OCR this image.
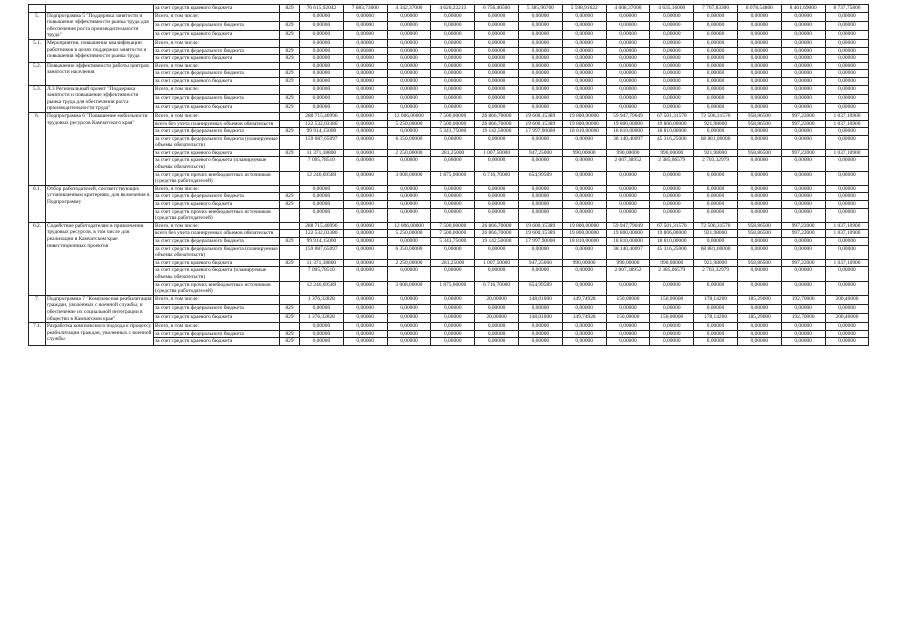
		за счет средств краевого бюджета	829	76 615,92042	7 683,73000	4 342,37000	4 626,22213	6 756,40500	5 385,96700	5 598,91622	4 608,37000	4 635,16000	7 767,83300	8 078,54800	8 401,69000	8 737,75800
5.	Подпрограмма 5 "Поддержка занятости и повышение эффективности рынка труда для обеспечения роста производительности труда"	Всего, в том числе:		0,00000	0,00000	0,00000	0,00000	0,00000	0,00000	0,00000	0,00000	0,00000	0,00000	0,00000	0,00000	0,00000
		за счет средств федерального бюджета	829	0,00000	0,00000	0,00000	0,00000	0,00000	0,00000	0,00000	0,00000	0,00000	0,00000	0,00000	0,00000	0,00000
		за счет средств краевого бюджета	829	0,00000	0,00000	0,00000	0,00000	0,00000	0,00000	0,00000	0,00000	0,00000	0,00000	0,00000	0,00000	0,00000
5.1.	Мероприятия, повышение квалификации работников в целях поддержки занятости и повышения эффективности рынка труда	Всего, в том числе:		0,00000	0,00000	0,00000	0,00000	0,00000	0,00000	0,00000	0,00000	0,00000	0,00000	0,00000	0,00000	0,00000
		за счет средств федерального бюджета	829	0,00000	0,00000	0,00000	0,00000	0,00000	0,00000	0,00000	0,00000	0,00000	0,00000	0,00000	0,00000	0,00000
		за счет средств краевого бюджета	829	0,00000	0,00000	0,00000	0,00000	0,00000	0,00000	0,00000	0,00000	0,00000	0,00000	0,00000	0,00000	0,00000
5.2.	Повышение эффективности работы центров занятости населения	Всего, в том числе:		0,00000	0,00000	0,00000	0,00000	0,00000	0,00000	0,00000	0,00000	0,00000	0,00000	0,00000	0,00000	0,00000
		за счет средств федерального бюджета	829	0,00000	0,00000	0,00000	0,00000	0,00000	0,00000	0,00000	0,00000	0,00000	0,00000	0,00000	0,00000	0,00000
		за счет средств краевого бюджета	829	0,00000	0,00000	0,00000	0,00000	0,00000	0,00000	0,00000	0,00000	0,00000	0,00000	0,00000	0,00000	0,00000
5.3.	Л.3 Региональный проект "Поддержка занятости и повышение эффективности рынка труда для обеспечения роста производительности труда"	Всего, в том числе:		0,00000	0,00000	0,00000	0,00000	0,00000	0,00000	0,00000	0,00000	0,00000	0,00000	0,00000	0,00000	0,00000
		за счет средств федерального бюджета	829	0,00000	0,00000	0,00000	0,00000	0,00000	0,00000	0,00000	0,00000	0,00000	0,00000	0,00000	0,00000	0,00000
		за счет средств краевого бюджета	829	0,00000	0,00000	0,00000	0,00000	0,00000	0,00000	0,00000	0,00000	0,00000	0,00000	0,00000	0,00000	0,00000
6.	Подпрограмма 6 "Повышение мобильности трудовых ресурсов Камчатского края"	Всего, в том числе:		288 715,46996	0,00000	12 006,00000	7 500,00000	26 866,70000	19 600,15389	19 800,00000	59 947,79049	67 501,31570	72 506,31570	958,86500	997,22000	1 037,10900
		всего без учета планируемых объемов обязательств		122 532,03380	0,00000	5 250,00000	7 500,00000	26 866,70000	19 600,15389	19 800,00000	19 800,00000	19 806,00000	921,98000	958,86500	997,22000	1 037,10900
		за счет средств федерального бюджета	829	99 914,15000	0,00000	0,00000	5 343,75000	19 142,50000	17 997,90000	18 810,00000	18 810,00000	18 810,00000	0,00000	0,00000	0,00000	0,00000
		за счет средств федерального бюджета (планируемые объемы обязательств)		159 087,65097	0,00000	6 350,00000	0,00000	0,00000	0,00000	0,00000	38 140,40097	45 316,25000	68 881,00000	0,00000	0,00000	0,00000
		за счет средств краевого бюджета	829	11 371,38800	0,00000	2 250,00000	281,25000	1 007,50000	947,25000	990,00000	990,00000	990,00000	921,98000	958,86500	997,22000	1 037,10900
		за счет средств краевого бюджета (планируемые объемы обязательств)		7 095,78510	0,00000	0,00000	0,00000	0,00000	0,00000	0,00000	2 007,38952	2 385,06579	2 703,32979	0,00000	0,00000	0,00000
		за счет средств прочих внебюджетных источников (средства работодателей)		12 246,69589	0,00000	3 008,00000	1 875,00000	6 716,70000	654,99589	0,00000	0,00000	0,00000	0,00000	0,00000	0,00000	0,00000
6.1.	Отбор работодателей, соответствующих установленным критериям, для включения в Подпрограмму	Всего, в том числе:		0,00000	0,00000	0,00000	0,00000	0,00000	0,00000	0,00000	0,00000	0,00000	0,00000	0,00000	0,00000	0,00000
		за счет средств федерального бюджета	829	0,00000	0,00000	0,00000	0,00000	0,00000	0,00000	0,00000	0,00000	0,00000	0,00000	0,00000	0,00000	0,00000
		за счет средств краевого бюджета	829	0,00000	0,00000	0,00000	0,00000	0,00000	0,00000	0,00000	0,00000	0,00000	0,00000	0,00000	0,00000	0,00000
		за счет средств прочих внебюджетных источников (средства работодателей)		0,00000	0,00000	0,00000	0,00000	0,00000	0,00000	0,00000	0,00000	0,00000	0,00000	0,00000	0,00000	0,00000
6.2.	Содействие работодателям в привлечении трудовых ресурсов, в том числе для реализации в Камчатском крае инвестиционных проектов	Всего, в том числе:		288 715,46996	0,00000	12 006,00000	7 500,00000	26 866,70000	19 600,15389	19 800,00000	59 947,79049	67 501,31570	72 506,31570	958,86500	997,22000	1 037,10900
		всего без учета планируемых объемов обязательств		122 532,03380	0,00000	5 250,00000	7 500,00000	26 866,70000	19 600,15389	19 800,00000	19 800,00000	19 806,00000	921,98000	958,86500	997,22000	1 037,10900
		за счет средств федерального бюджета	829	99 914,15000	0,00000	0,00000	5 343,75000	19 142,50000	17 997,90000	18 810,00000	18 810,00000	18 810,00000	0,00000	0,00000	0,00000	0,00000
		за счет средств федерального бюджета (планируемые объемы обязательств)		159 087,65097	0,00000	6 350,00000	0,00000	0,00000	0,00000	0,00000	38 140,40097	45 316,25000	68 881,00000	0,00000	0,00000	0,00000
		за счет средств краевого бюджета	829	11 371,38800	0,00000	2 250,00000	281,25000	1 007,50000	947,25000	990,00000	990,00000	990,00000	921,98000	958,86500	997,22000	1 037,10900
		за счет средств краевого бюджета (планируемые объемы обязательств)		7 095,78510	0,00000	0,00000	0,00000	0,00000	0,00000	0,00000	2 007,38952	2 385,06579	2 703,32979	0,00000	0,00000	0,00000
		за счет средств прочих внебюджетных источников (средства работодателей)		12 246,69589	0,00000	3 008,00000	1 875,00000	6 716,70000	654,99589	0,00000	0,00000	0,00000	0,00000	0,00000	0,00000	0,00000
7.	Подпрограмма 7 "Комплексная реабилитация граждан, уволенных с военной службы, и обеспечение их социальной интеграции в общество в Камчатском крае"	Всего, в том числе:		1 376,32828	0,00000	0,00000	0,00000	20,00000	148,01000	149,74928	150,00000	150,00000	178,14200	185,29000	192,70000	200,40000
		за счет средств федерального бюджета	829	0,00000	0,00000	0,00000	0,00000	0,00000	0,00000	0,00000	0,00000	0,00000	0,00000	0,00000	0,00000	0,00000
		за счет средств краевого бюджета	829	1 376,32828	0,00000	0,00000	0,00000	20,00000	148,01000	149,74928	150,00000	150,00000	178,14200	185,29000	192,70000	200,40000
7.1.	Разработка комплексного подхода к процессу реабилитации граждан, уволенных с военной службы	Всего, в том числе:		0,00000	0,00000	0,00000	0,00000	0,00000	0,00000	0,00000	0,00000	0,00000	0,00000	0,00000	0,00000	0,00000
		за счет средств федерального бюджета	829	0,00000	0,00000	0,00000	0,00000	0,00000	0,00000	0,00000	0,00000	0,00000	0,00000	0,00000	0,00000	0,00000
		за счет средств краевого бюджета	829	0,00000	0,00000	0,00000	0,00000	0,00000	0,00000	0,00000	0,00000	0,00000	0,00000	0,00000	0,00000	0,00000
